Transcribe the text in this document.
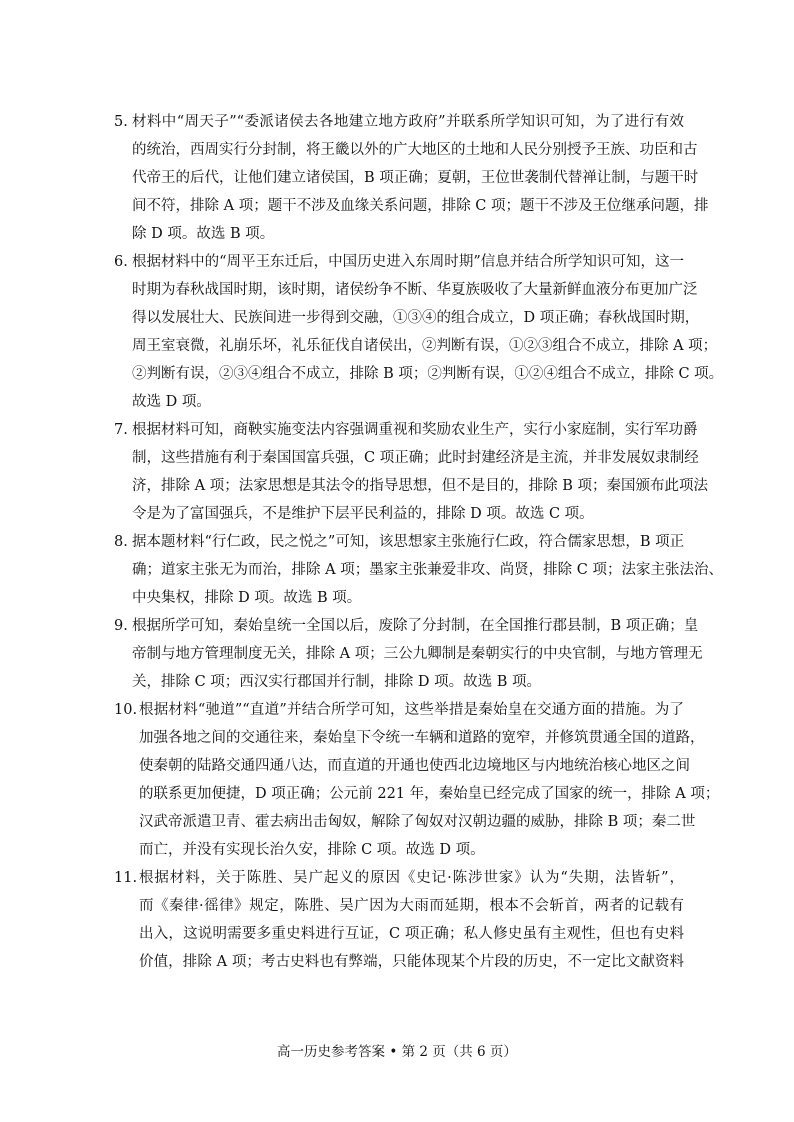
5. 材料中“周天子”“委派诸侯去各地建立地方政府”并联系所学知识可知，为了进行有效
的统治，西周实行分封制，将王畿以外的广大地区的土地和人民分别授予王族、功臣和古
代帝王的后代，让他们建立诸侯国，B 项正确；夏朝，王位世袭制代替禅让制，与题干时
间不符，排除 A 项；题干不涉及血缘关系问题，排除 C 项；题干不涉及王位继承问题，排
除 D 项。故选 B 项。
6. 根据材料中的“周平王东迁后，中国历史进入东周时期”信息并结合所学知识可知，这一
时期为春秋战国时期，该时期，诸侯纷争不断、华夏族吸收了大量新鲜血液分布更加广泛
得以发展壮大、民族间进一步得到交融，①③④的组合成立，D 项正确；春秋战国时期，
周王室衰微，礼崩乐坏，礼乐征伐自诸侯出，②判断有误，①②③组合不成立，排除 A 项；
②判断有误，②③④组合不成立，排除 B 项；②判断有误，①②④组合不成立，排除 C 项。
故选 D 项。
7. 根据材料可知，商鞅实施变法内容强调重视和奖励农业生产，实行小家庭制，实行军功爵
制，这些措施有利于秦国国富兵强，C 项正确；此时封建经济是主流，并非发展奴隶制经
济，排除 A 项；法家思想是其法令的指导思想，但不是目的，排除 B 项；秦国颁布此项法
令是为了富国强兵，不是维护下层平民利益的，排除 D 项。故选 C 项。
8. 据本题材料“行仁政，民之悦之”可知，该思想家主张施行仁政，符合儒家思想，B 项正
确；道家主张无为而治，排除 A 项；墨家主张兼爱非攻、尚贤，排除 C 项；法家主张法治、
中央集权，排除 D 项。故选 B 项。
9. 根据所学可知，秦始皇统一全国以后，废除了分封制，在全国推行郡县制，B 项正确；皇
帝制与地方管理制度无关，排除 A 项；三公九卿制是秦朝实行的中央官制，与地方管理无
关，排除 C 项；西汉实行郡国并行制，排除 D 项。故选 B 项。
10. 根据材料“驰道”“直道”并结合所学可知，这些举措是秦始皇在交通方面的措施。为了
加强各地之间的交通往来，秦始皇下令统一车辆和道路的宽窄，并修筑贯通全国的道路，
使秦朝的陆路交通四通八达，而直道的开通也使西北边境地区与内地统治核心地区之间
的联系更加便捷，D 项正确；公元前 221 年，秦始皇已经完成了国家的统一，排除 A 项；
汉武帝派遣卫青、霍去病出击匈奴，解除了匈奴对汉朝边疆的威胁，排除 B 项；秦二世
而亡，并没有实现长治久安，排除 C 项。故选 D 项。
11. 根据材料，关于陈胜、吴广起义的原因《史记·陈涉世家》认为“失期，法皆斩”，
而《秦律·徭律》规定，陈胜、吴广因为大雨而延期，根本不会斩首，两者的记载有
出入，这说明需要多重史料进行互证，C 项正确；私人修史虽有主观性，但也有史料
价值，排除 A 项；考古史料也有弊端，只能体现某个片段的历史，不一定比文献资料
高一历史参考答案 • 第 2 页（共 6 页）
